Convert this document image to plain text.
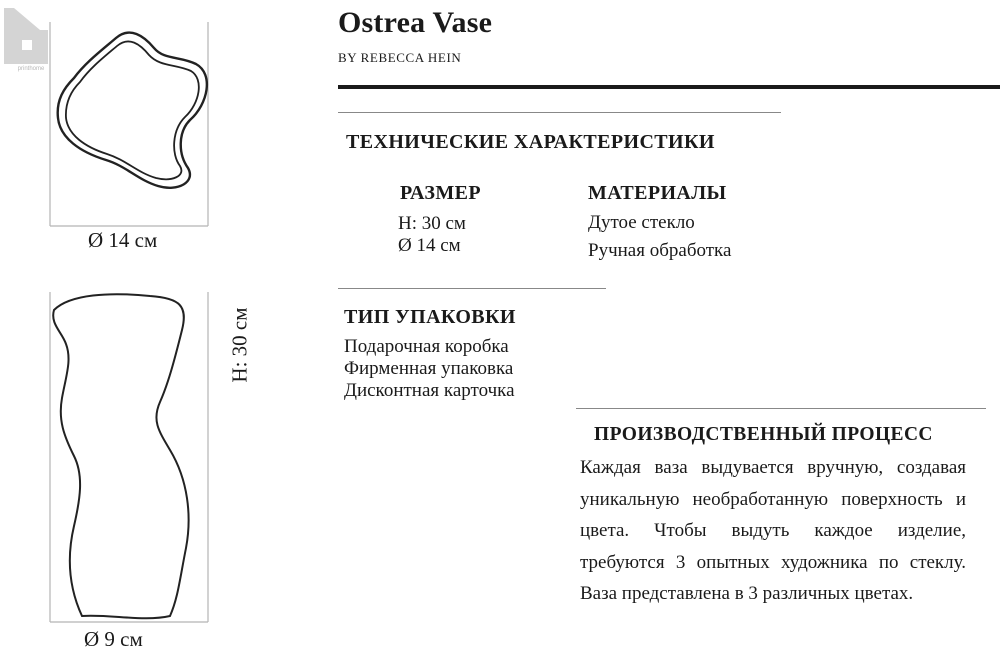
printhome
Ø 14 см
H: 30 см
Ø 9 см
Ostrea Vase
BY REBECCA HEIN
ТЕХНИЧЕСКИЕ ХАРАКТЕРИСТИКИ
РАЗМЕР
H: 30 см
Ø 14 см
МАТЕРИАЛЫ
Дутое стекло
Ручная обработка
ТИП УПАКОВКИ
Подарочная коробка
Фирменная упаковка
Дисконтная карточка
ПРОИЗВОДСТВЕННЫЙ ПРОЦЕСС
Каждая ваза выдувается вручную, создавая уникальную необработанную поверхность и цвета. Чтобы выдуть каждое изделие, требуются 3 опытных художника по стеклу. Ваза представлена в 3 различных цветах.
